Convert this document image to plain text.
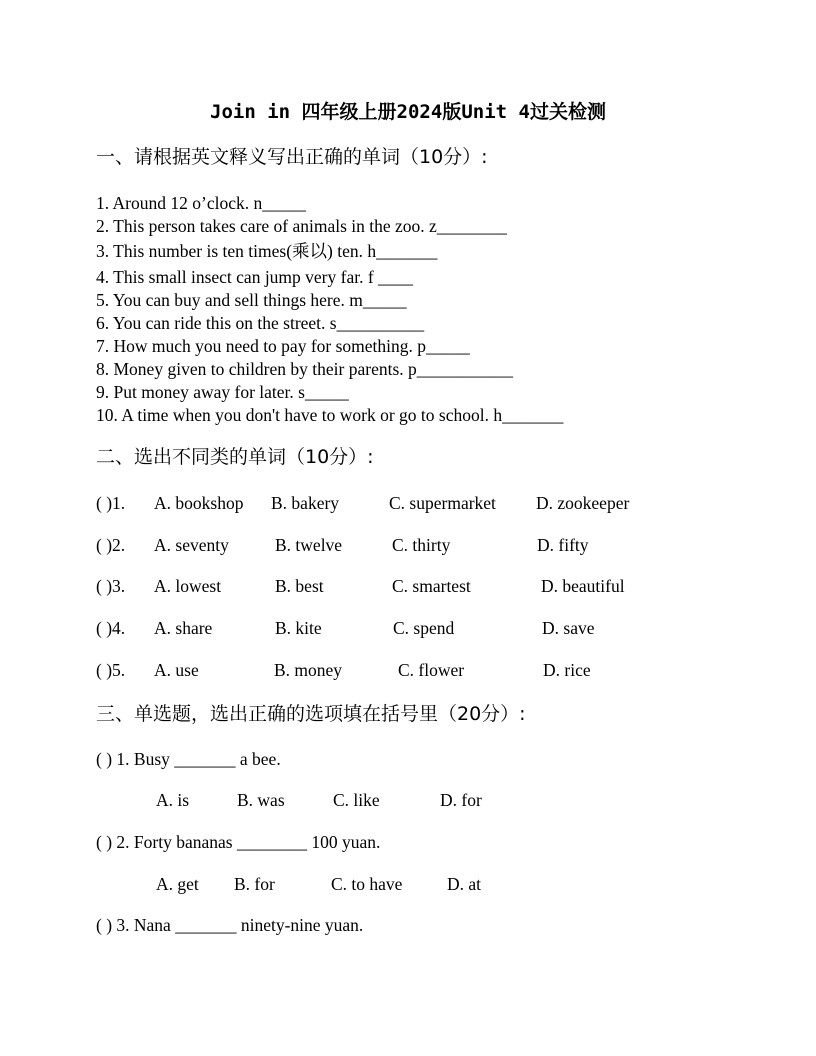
Join in 四年级上册2024版Unit 4过关检测
一、请根据英文释义写出正确的单词（10分）:
1. Around 12 o’clock. n_____
2. This person takes care of animals in the zoo. z________
3. This number is ten times(乘以) ten. h_______
4. This small insect can jump very far. f ____
5. You can buy and sell things here. m_____
6. You can ride this on the street. s__________
7. How much you need to pay for something. p_____
8. Money given to children by their parents. p___________
9. Put money away for later. s_____
10. A time when you don't have to work or go to school. h_______
二、选出不同类的单词（10分）:
( )1. A. bookshop B. bakery	C. supermarket D. zookeeper
( )2. A. seventy	B. twelve	C. thirty	D. fifty
( )3. A. lowest	B. best	C. smartest	D. beautiful
( )4. A. share	B. kite	C. spend	D. save
( )5. A. use	B. money	C. flower	D. rice
三、单选题，选出正确的选项填在括号里（20分）:
( ) 1. Busy _______ a bee.
A. is	B. was	C. like	D. for
( ) 2. Forty bananas ________ 100 yuan.
A. get B. for	C. to have	D. at
( ) 3. Nana _______ ninety-nine yuan.
